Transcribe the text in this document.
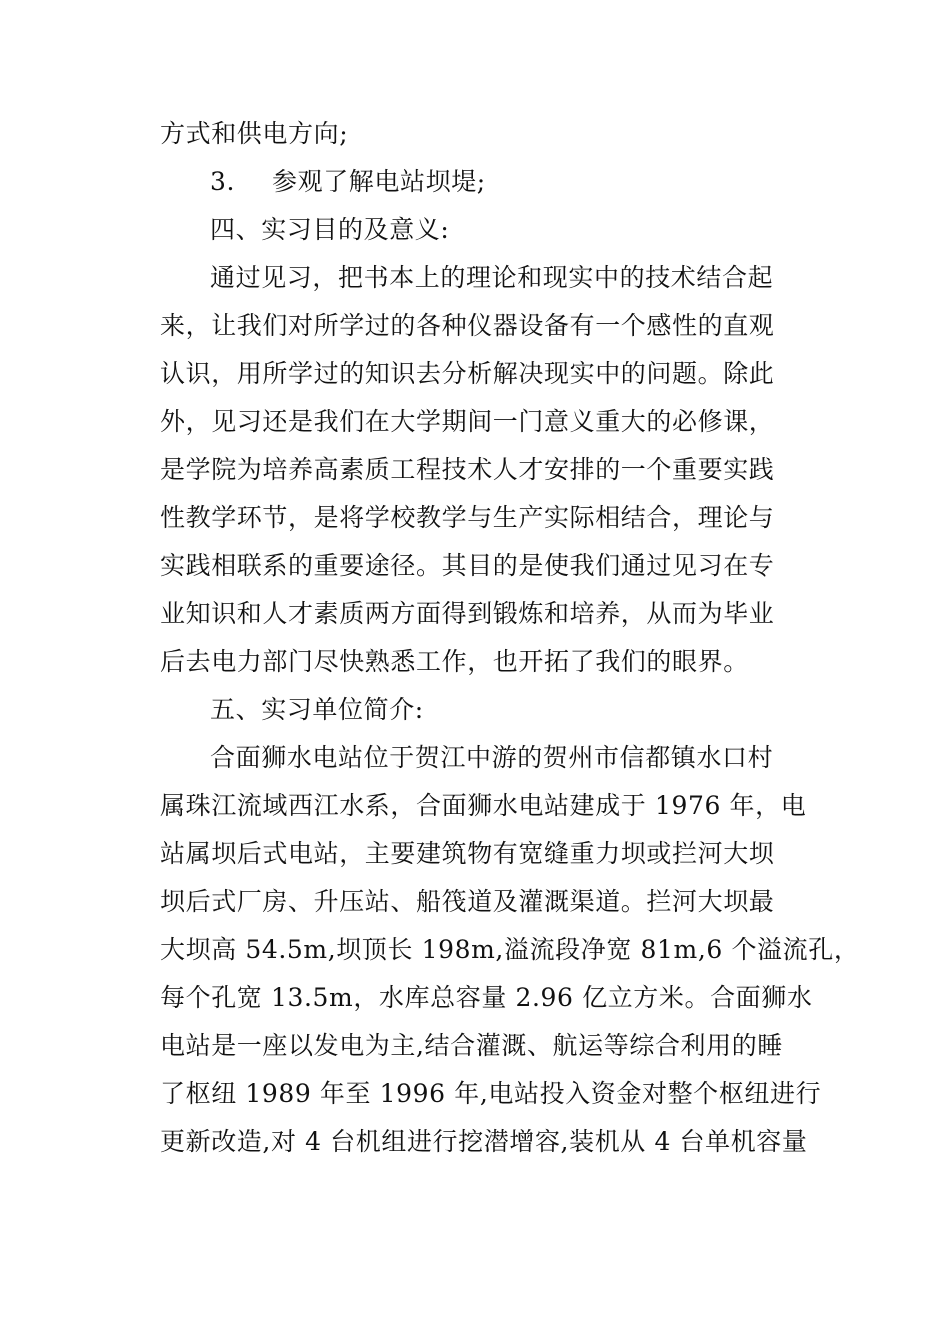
方式和供电方向;
3.	参观了解电站坝堤;
四、实习目的及意义:
通过见习，把书本上的理论和现实中的技术结合起
来，让我们对所学过的各种仪器设备有一个感性的直观
认识，用所学过的知识去分析解决现实中的问题。除此
外，见习还是我们在大学期间一门意义重大的必修课，
是学院为培养高素质工程技术人才安排的一个重要实践
性教学环节，是将学校教学与生产实际相结合，理论与
实践相联系的重要途径。其目的是使我们通过见习在专
业知识和人才素质两方面得到锻炼和培养，从而为毕业
后去电力部门尽快熟悉工作，也开拓了我们的眼界。
五、实习单位简介:
合面狮水电站位于贺江中游的贺州市信都镇水口村
属珠江流域西江水系，合面狮水电站建成于 1976 年，电
站属坝后式电站，主要建筑物有宽缝重力坝或拦河大坝
坝后式厂房、升压站、船筏道及灌溉渠道。拦河大坝最
大坝高 54.5m,坝顶长 198m,溢流段净宽 81m,6 个溢流孔，
每个孔宽 13.5m，水库总容量 2.96 亿立方米。合面狮水
电站是一座以发电为主,结合灌溉、航运等综合利用的睡
了枢纽 1989 年至 1996 年,电站投入资金对整个枢纽进行
更新改造,对 4 台机组进行挖潜增容,装机从 4 台单机容量
